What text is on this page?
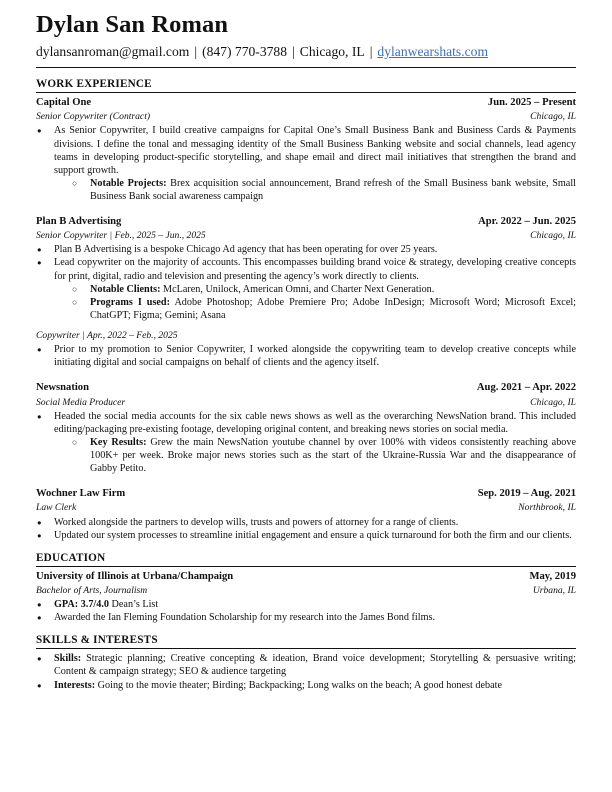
Dylan San Roman
dylansanroman@gmail.com | (847) 770-3788 | Chicago, IL | dylanwearshats.com
WORK EXPERIENCE
Capital One	Jun. 2025 – Present
Senior Copywriter (Contract)	Chicago, IL
● As Senior Copywriter, I build creative campaigns for Capital One’s Small Business Bank and Business Cards & Payments divisions. I define the tonal and messaging identity of the Small Business Banking website and social channels, lead agency teams in developing product-specific storytelling, and shape email and direct mail initiatives that strengthen the brand and support growth.
○ Notable Projects: Brex acquisition social announcement, Brand refresh of the Small Business bank website, Small Business Bank social awareness campaign
Plan B Advertising	Apr. 2022 – Jun. 2025
Senior Copywriter | Feb., 2025 – Jun., 2025	Chicago, IL
● Plan B Advertising is a bespoke Chicago Ad agency that has been operating for over 25 years.
● Lead copywriter on the majority of accounts. This encompasses building brand voice & strategy, developing creative concepts for print, digital, radio and television and presenting the agency’s work directly to clients.
○ Notable Clients: McLaren, Unilock, American Omni, and Charter Next Generation.
○ Programs I used: Adobe Photoshop; Adobe Premiere Pro; Adobe InDesign; Microsoft Word; Microsoft Excel; ChatGPT; Figma; Gemini; Asana
Copywriter | Apr., 2022 – Feb., 2025
● Prior to my promotion to Senior Copywriter, I worked alongside the copywriting team to develop creative concepts while initiating digital and social campaigns on behalf of clients and the agency itself.
Newsnation	Aug. 2021 – Apr. 2022
Social Media Producer	Chicago, IL
● Headed the social media accounts for the six cable news shows as well as the overarching NewsNation brand. This included editing/packaging pre-existing footage, developing original content, and breaking news stories on social media.
○ Key Results: Grew the main NewsNation youtube channel by over 100% with videos consistently reaching above 100K+ per week. Broke major news stories such as the start of the Ukraine-Russia War and the disappearance of Gabby Petito.
Wochner Law Firm	Sep. 2019 – Aug. 2021
Law Clerk	Northbrook, IL
● Worked alongside the partners to develop wills, trusts and powers of attorney for a range of clients.
● Updated our system processes to streamline initial engagement and ensure a quick turnaround for both the firm and our clients.
EDUCATION
University of Illinois at Urbana/Champaign	May, 2019
Bachelor of Arts, Journalism	Urbana, IL
● GPA: 3.7/4.0 Dean’s List
● Awarded the Ian Fleming Foundation Scholarship for my research into the James Bond films.
SKILLS & INTERESTS
● Skills: Strategic planning; Creative concepting & ideation, Brand voice development; Storytelling & persuasive writing; Content & campaign strategy; SEO & audience targeting
● Interests: Going to the movie theater; Birding; Backpacking; Long walks on the beach; A good honest debate
